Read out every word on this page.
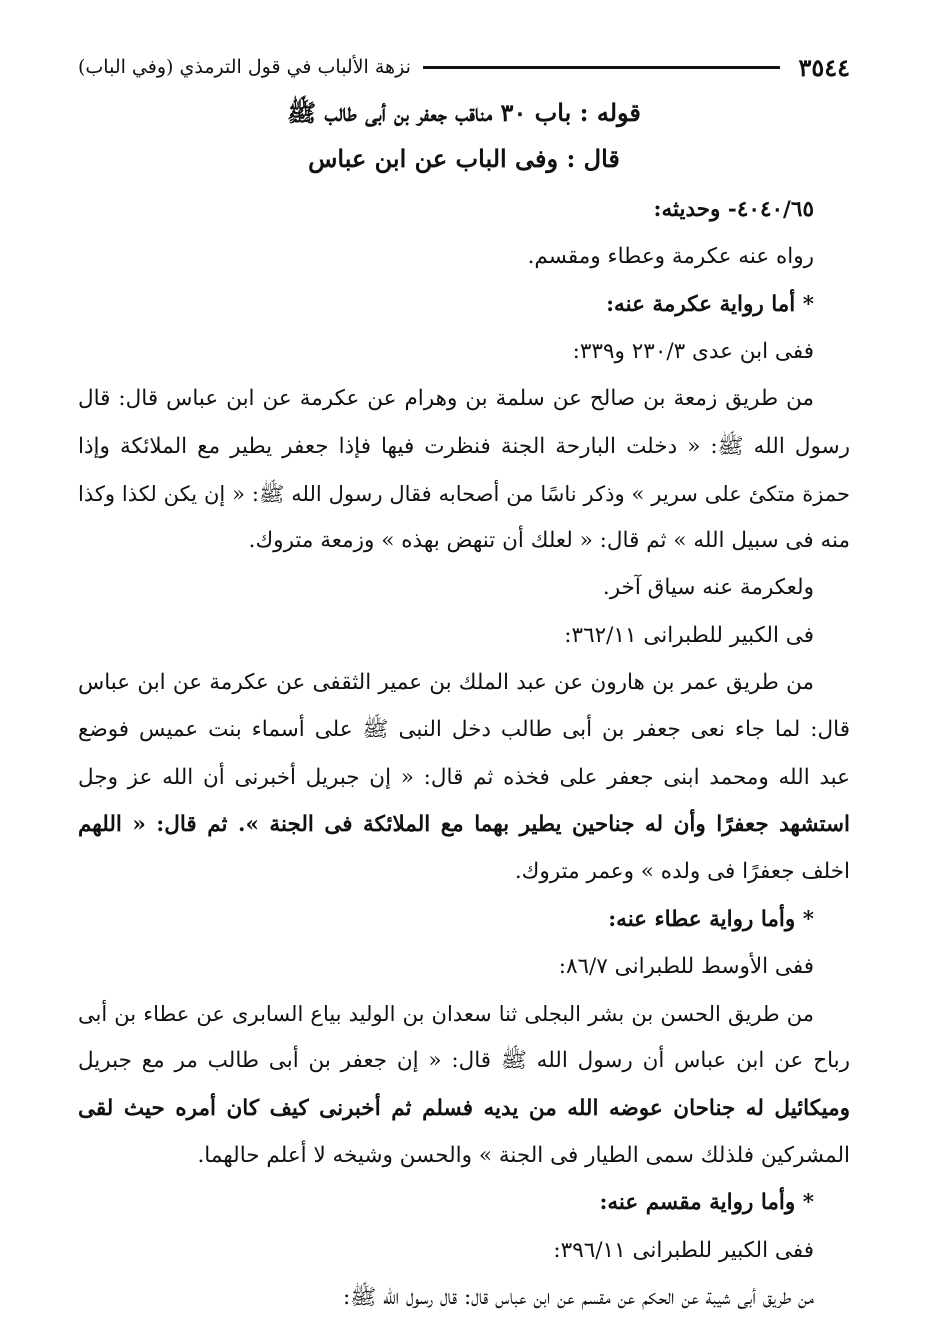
٣٥٤٤
نزهة الألباب في قول الترمذي (وفي الباب)
قوله : باب ٣٠ مناقب جعفر بن أبى طالب ﷺ
قال : وفى الباب عن ابن عباس
٤٠٤٠/٦٥- وحديثه:
رواه عنه عكرمة وعطاء ومقسم.
* أما رواية عكرمة عنه:
ففى ابن عدى ٢٣٠/٣ و٣٣٩:
من طريق زمعة بن صالح عن سلمة بن وهرام عن عكرمة عن ابن عباس قال: قال
رسول الله ﷺ: « دخلت البارحة الجنة فنظرت فيها فإذا جعفر يطير مع الملائكة وإذا
حمزة متكئ على سرير » وذكر ناسًا من أصحابه فقال رسول الله ﷺ: « إن يكن لكذا وكذا
منه فى سبيل الله » ثم قال: « لعلك أن تنهض بهذه » وزمعة متروك.
ولعكرمة عنه سياق آخر.
فى الكبير للطبرانى ٣٦٢/١١:
من طريق عمر بن هارون عن عبد الملك بن عمير الثقفى عن عكرمة عن ابن عباس
قال: لما جاء نعى جعفر بن أبى طالب دخل النبى ﷺ على أسماء بنت عميس فوضع
عبد الله ومحمد ابنى جعفر على فخذه ثم قال: « إن جبريل أخبرنى أن الله عز وجل
استشهد جعفرًا وأن له جناحين يطير بهما مع الملائكة فى الجنة ». ثم قال: « اللهم
اخلف جعفرًا فى ولده » وعمر متروك.
* وأما رواية عطاء عنه:
ففى الأوسط للطبرانى ٨٦/٧:
من طريق الحسن بن بشر البجلى ثنا سعدان بن الوليد بياع السابرى عن عطاء بن أبى
رباح عن ابن عباس أن رسول الله ﷺ قال: « إن جعفر بن أبى طالب مر مع جبريل
وميكائيل له جناحان عوضه الله من يديه فسلم ثم أخبرنى كيف كان أمره حيث لقى
المشركين فلذلك سمى الطيار فى الجنة » والحسن وشيخه لا أعلم حالهما.
* وأما رواية مقسم عنه:
ففى الكبير للطبرانى ٣٩٦/١١:
من طريق أبى شيبة عن الحكم عن مقسم عن ابن عباس قال: قال رسول الله ﷺ:
